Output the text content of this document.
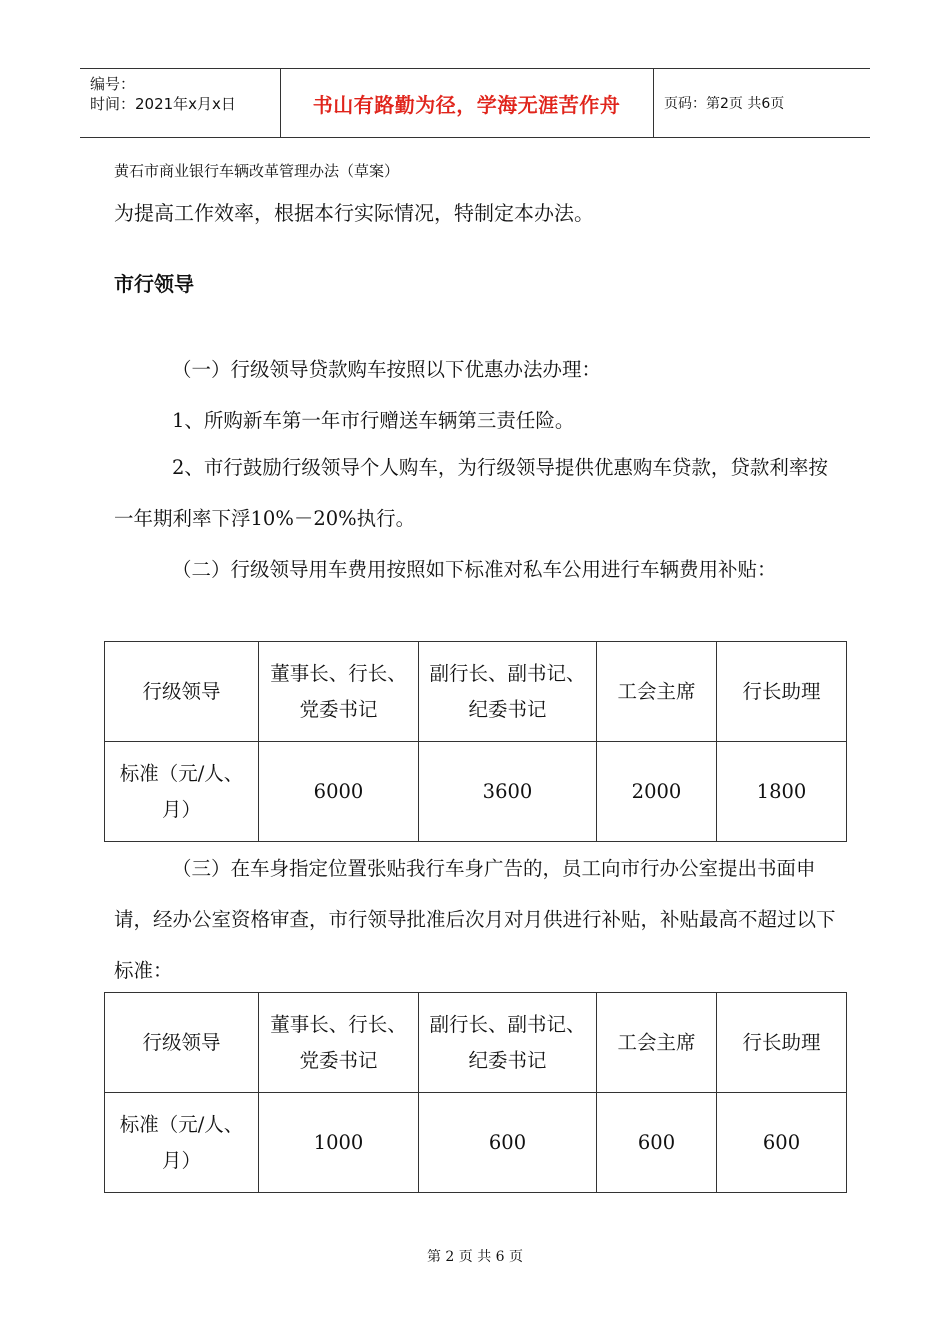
编号：
时间：2021年x月x日	书山有路勤为径，学海无涯苦作舟	页码：第2页 共6页
黄石市商业银行车辆改革管理办法（草案）
为提高工作效率，根据本行实际情况，特制定本办法。
市行领导
（一）行级领导贷款购车按照以下优惠办法办理：
1、所购新车第一年市行赠送车辆第三责任险。
2、市行鼓励行级领导个人购车，为行级领导提供优惠购车贷款，贷款利率按一年期利率下浮10%－20%执行。
（二）行级领导用车费用按照如下标准对私车公用进行车辆费用补贴：
行级领导	董事长、行长、党委书记	副行长、副书记、纪委书记	工会主席	行长助理
标准（元/人、月）	6000	3600	2000	1800
（三）在车身指定位置张贴我行车身广告的，员工向市行办公室提出书面申请，经办公室资格审查，市行领导批准后次月对月供进行补贴，补贴最高不超过以下标准：
行级领导	董事长、行长、党委书记	副行长、副书记、纪委书记	工会主席	行长助理
标准（元/人、月）	1000	600	600	600
第 2 页 共 6 页
